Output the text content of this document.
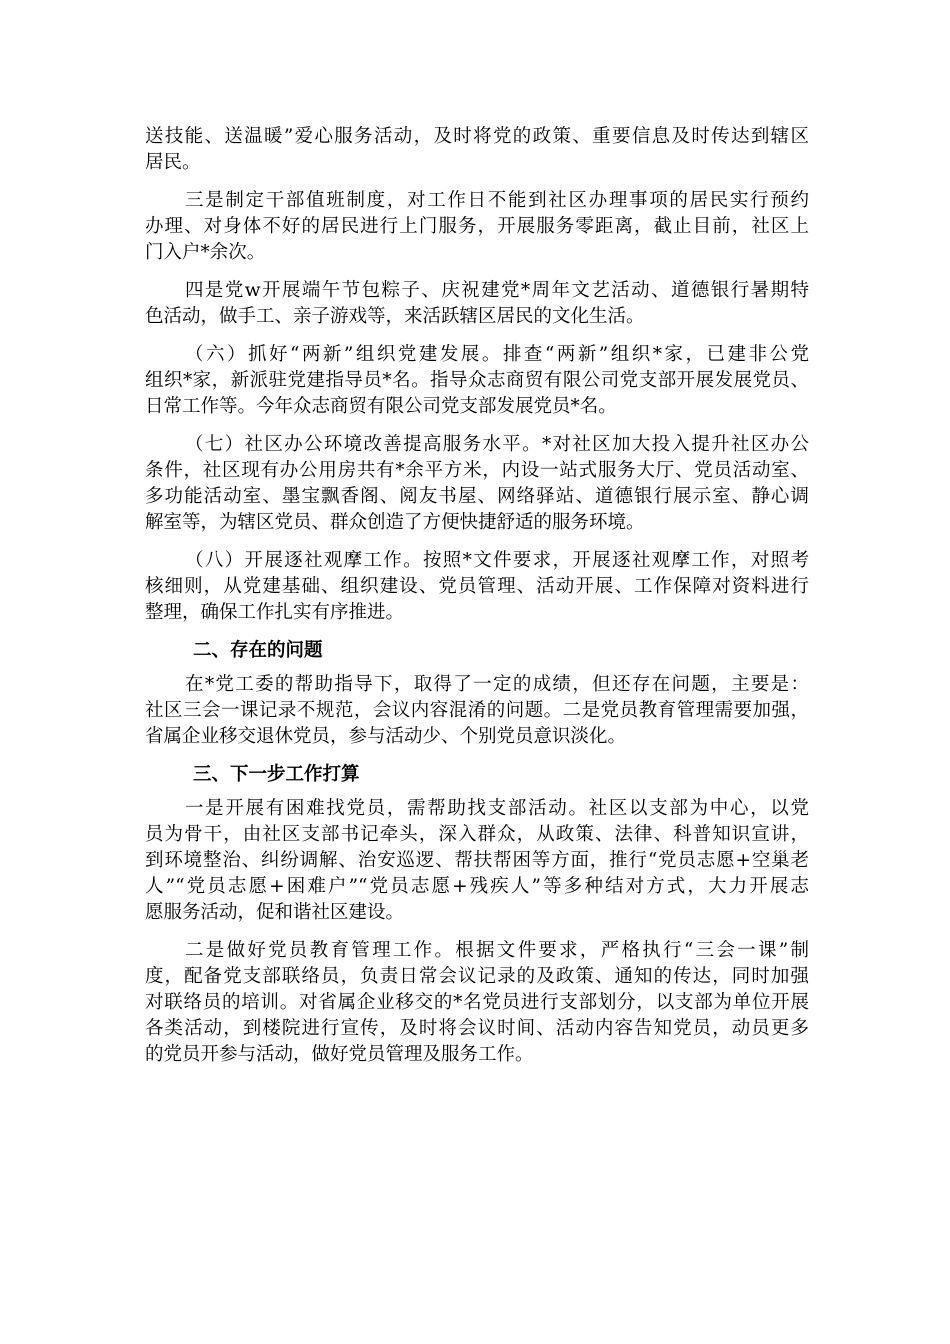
送技能、送温暖”爱心服务活动，及时将党的政策、重要信息及时传达到辖区
居民。
三是制定干部值班制度，对工作日不能到社区办理事项的居民实行预约
办理、对身体不好的居民进行上门服务，开展服务零距离，截止目前，社区上
门入户*余次。
四是党w开展端午节包粽子、庆祝建党*周年文艺活动、道德银行暑期特
色活动，做手工、亲子游戏等，来活跃辖区居民的文化生活。
（六）抓好“两新”组织党建发展。排查“两新”组织*家，已建非公党
组织*家，新派驻党建指导员*名。指导众志商贸有限公司党支部开展发展党员、
日常工作等。今年众志商贸有限公司党支部发展党员*名。
（七）社区办公环境改善提高服务水平。*对社区加大投入提升社区办公
条件，社区现有办公用房共有*余平方米，内设一站式服务大厅、党员活动室、
多功能活动室、墨宝飘香阁、阅友书屋、网络驿站、道德银行展示室、静心调
解室等，为辖区党员、群众创造了方便快捷舒适的服务环境。
（八）开展逐社观摩工作。按照*文件要求，开展逐社观摩工作，对照考
核细则，从党建基础、组织建设、党员管理、活动开展、工作保障对资料进行
整理，确保工作扎实有序推进。
二、存在的问题
在*党工委的帮助指导下，取得了一定的成绩，但还存在问题，主要是：
社区三会一课记录不规范，会议内容混淆的问题。二是党员教育管理需要加强，
省属企业移交退休党员，参与活动少、个别党员意识淡化。
三、下一步工作打算
一是开展有困难找党员，需帮助找支部活动。社区以支部为中心，以党
员为骨干，由社区支部书记牵头，深入群众，从政策、法律、科普知识宣讲，
到环境整治、纠纷调解、治安巡逻、帮扶帮困等方面，推行“党员志愿+空巢老
人”“党员志愿+困难户”“党员志愿+残疾人”等多种结对方式，大力开展志
愿服务活动，促和谐社区建设。
二是做好党员教育管理工作。根据文件要求，严格执行“三会一课”制
度，配备党支部联络员，负责日常会议记录的及政策、通知的传达，同时加强
对联络员的培训。对省属企业移交的*名党员进行支部划分，以支部为单位开展
各类活动，到楼院进行宣传，及时将会议时间、活动内容告知党员，动员更多
的党员开参与活动，做好党员管理及服务工作。
